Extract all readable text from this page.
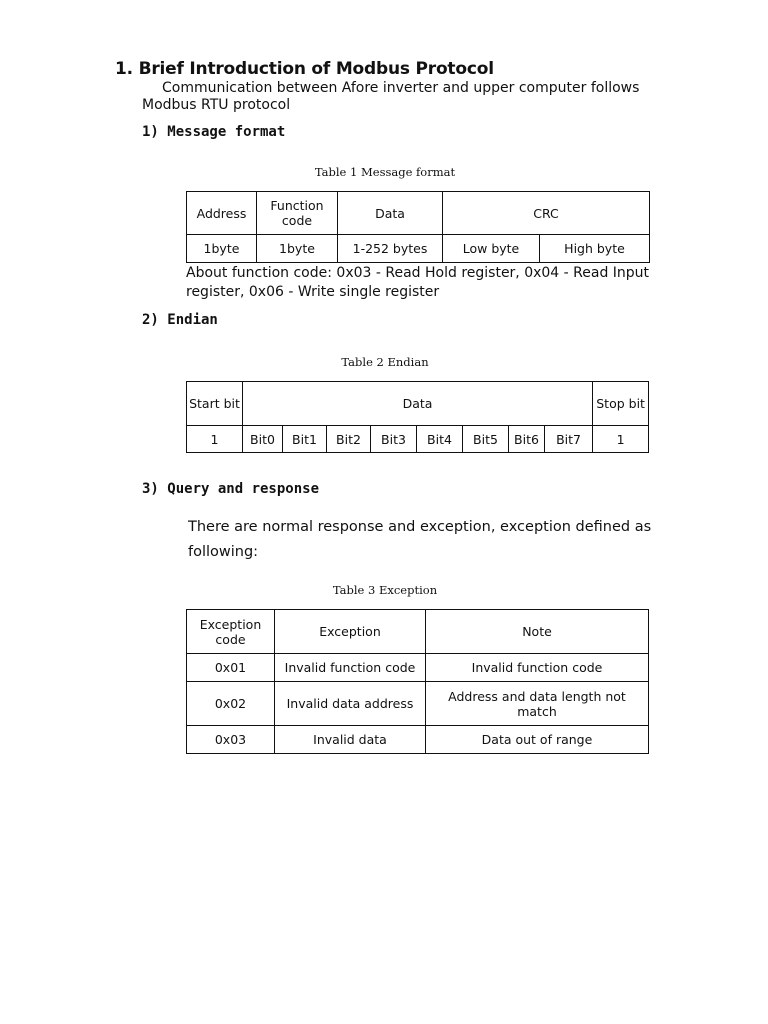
1. Brief Introduction of Modbus Protocol
Communication between Afore inverter and upper computer follows
Modbus RTU protocol
1) Message format
Table 1 Message format
Address	Function code	Data	CRC	
1byte	1byte	1-252 bytes	Low byte	High byte
About function code: 0x03 - Read Hold register, 0x04 - Read Input
register, 0x06 - Write single register
2) Endian
Table 2 Endian
Start bit	Data								Stop bit
1	Bit0	Bit1	Bit2	Bit3	Bit4	Bit5	Bit6	Bit7	1
3) Query and response
There are normal response and exception, exception defined as
following:
Table 3 Exception
Exception code	Exception	Note
0x01	Invalid function code	Invalid function code
0x02	Invalid data address	Address and data length not match
0x03	Invalid data	Data out of range
